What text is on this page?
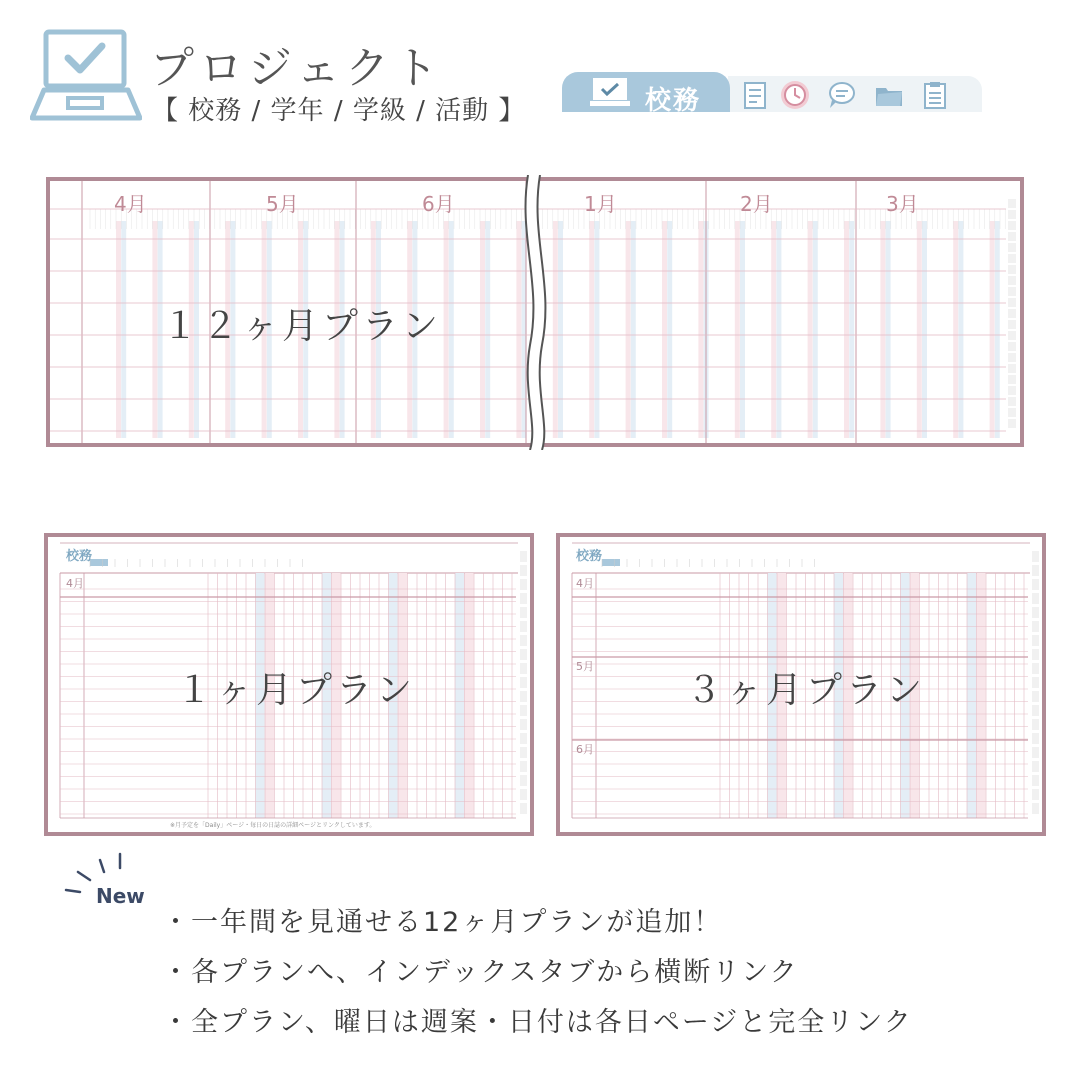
プロジェクト
【 校務 / 学年 / 学級 / 活動 】	校務
4月	5月	6月	1月	2月	3月
１２ヶ月プラン
校務
4月
１ヶ月プラン
※月予定を「Daily」ページ・毎日の日誌の詳細ページとリンクしています。
校務
4月
5月
6月
３ヶ月プラン
New
・一年間を見通せる12ヶ月プランが追加！
・各プランへ、インデックスタブから横断リンク
・全プラン、曜日は週案・日付は各日ページと完全リンク
